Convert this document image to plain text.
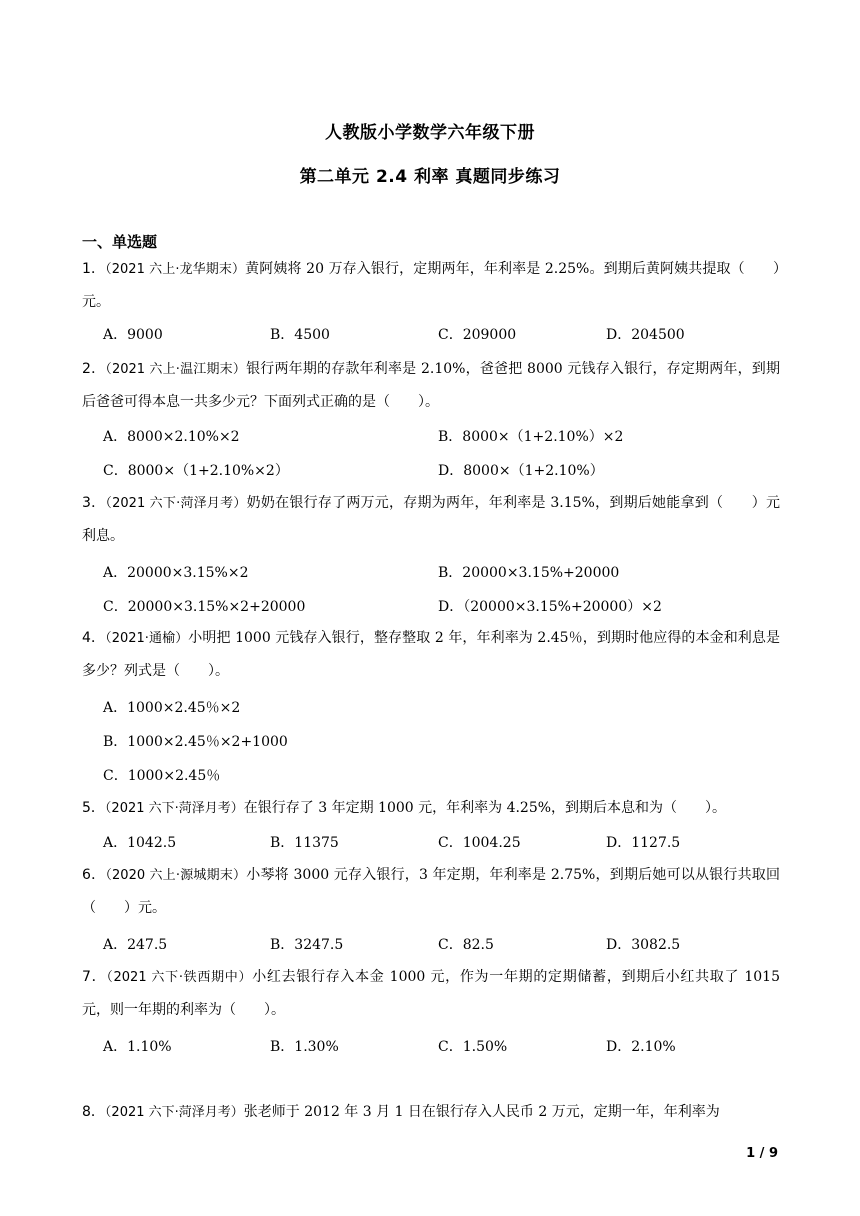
人教版小学数学六年级下册
第二单元 2.4 利率 真题同步练习
一、单选题
1．（2021 六上·龙华期末）黄阿姨将 20 万存入银行，定期两年，年利率是 2.25%。到期后黄阿姨共提取（　　）元。
A．9000	B．4500	C．209000	D．204500
2．（2021 六上·温江期末）银行两年期的存款年利率是 2.10%，爸爸把 8000 元钱存入银行，存定期两年，到期后爸爸可得本息一共多少元？下面列式正确的是（　　）。
A．8000×2.10%×2	B．8000×（1+2.10%）×2
C．8000×（1+2.10%×2）	D．8000×（1+2.10%）
3．（2021 六下·菏泽月考）奶奶在银行存了两万元，存期为两年，年利率是 3.15%，到期后她能拿到（　　）元利息。
A．20000×3.15%×2	B．20000×3.15%+20000
C．20000×3.15%×2+20000	D．（20000×3.15%+20000）×2
4．（2021·通榆）小明把 1000 元钱存入银行，整存整取 2 年，年利率为 2.45％，到期时他应得的本金和利息是多少？列式是（　　）。
A．1000×2.45％×2
B．1000×2.45％×2+1000
C．1000×2.45％
5．（2021 六下·菏泽月考）在银行存了 3 年定期 1000 元，年利率为 4.25%，到期后本息和为（　　）。
A．1042.5	B．11375	C．1004.25	D．1127.5
6．（2020 六上·源城期末）小琴将 3000 元存入银行，3 年定期，年利率是 2.75%，到期后她可以从银行共取回（　　）元。
A．247.5	B．3247.5	C．82.5	D．3082.5
7．（2021 六下·铁西期中）小红去银行存入本金 1000 元，作为一年期的定期储蓄，到期后小红共取了 1015 元，则一年期的利率为（　　）。
A．1.10%	B．1.30%	C．1.50%	D．2.10%
8．（2021 六下·菏泽月考）张老师于 2012 年 3 月 1 日在银行存入人民币 2 万元，定期一年，年利率为
1 / 9
